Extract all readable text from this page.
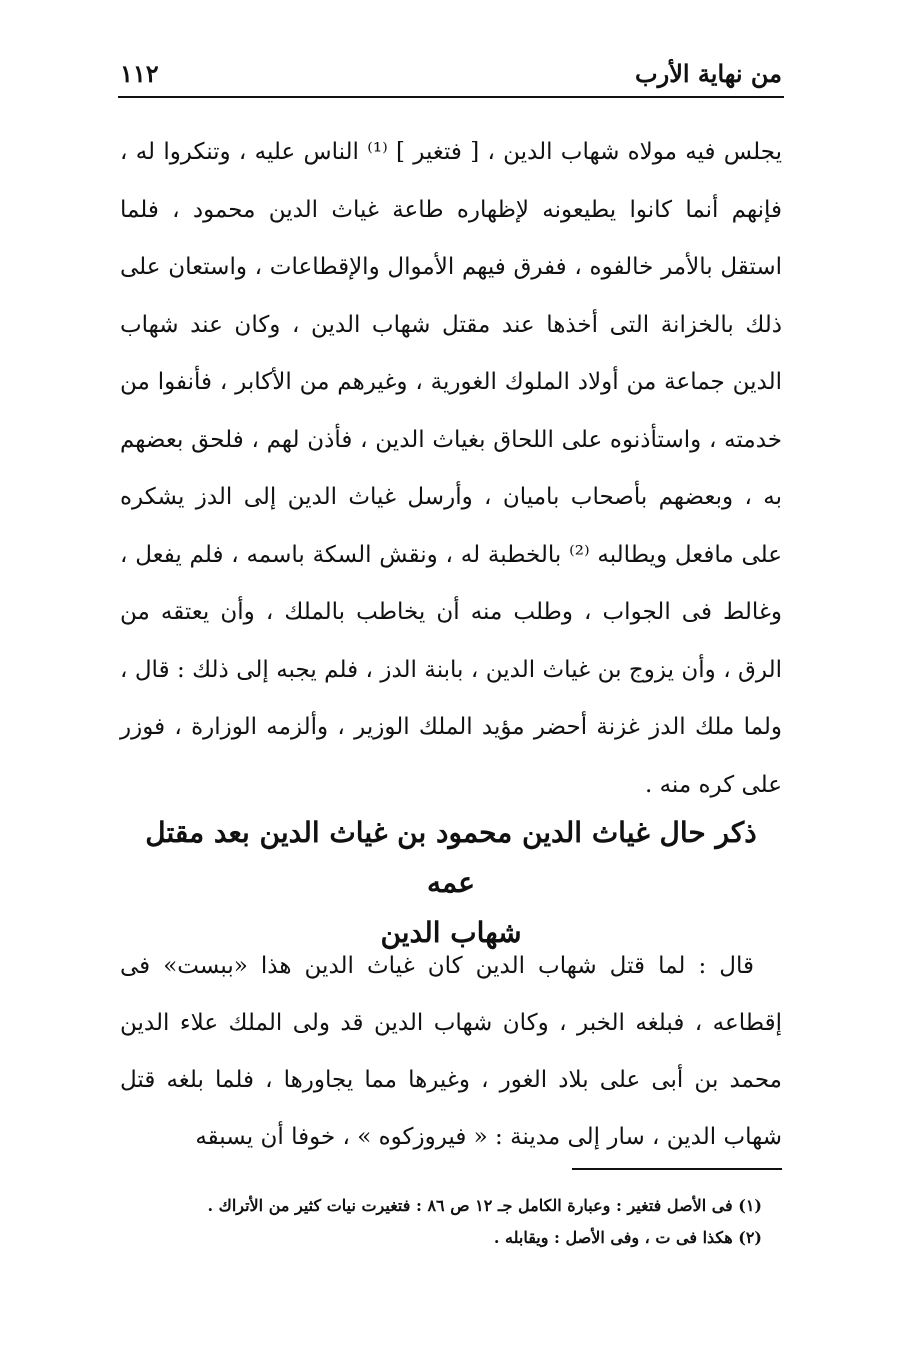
من نهاية الأرب
١١٢

يجلس فيه مولاه شهاب الدين ، [ فتغير ] ⁽¹⁾ الناس عليه ، وتنكروا له ، فإنهم أنما كانوا يطيعونه لإظهاره طاعة غياث الدين محمود ، فلما استقل بالأمر خالفوه ، ففرق فيهم الأموال والإقطاعات ، واستعان على ذلك بالخزانة التى أخذها عند مقتل شهاب الدين ، وكان عند شهاب الدين جماعة من أولاد الملوك الغورية ، وغيرهم من الأكابر ، فأنفوا من خدمته ، واستأذنوه على اللحاق بغياث الدين ، فأذن لهم ، فلحق بعضهم به ، وبعضهم بأصحاب باميان ، وأرسل غياث الدين إلى الدز يشكره على مافعل ويطالبه ⁽²⁾ بالخطبة له ، ونقش السكة باسمه ، فلم يفعل ، وغالط فى الجواب ، وطلب منه أن يخاطب بالملك ، وأن يعتقه من الرق ، وأن يزوج بن غياث الدين ، بابنة الدز ، فلم يجبه إلى ذلك : قال ، ولما ملك الدز غزنة أحضر مؤيد الملك الوزير ، وألزمه الوزارة ، فوزر على كره منه .

ذكر حال غياث الدين محمود بن غياث الدين بعد مقتل عمه
شهاب الدين

قال : لما قتل شهاب الدين كان غياث الدين هذا «ببست» فى إقطاعه ، فبلغه الخبر ، وكان شهاب الدين قد ولى الملك علاء الدين محمد بن أبى على بلاد الغور ، وغيرها مما يجاورها ، فلما بلغه قتل شهاب الدين ، سار إلى مدينة : « فيروزكوه » ، خوفا أن يسبقه

(١) فى الأصل فتغير : وعبارة الكامل جـ ١٢ ص ٨٦ : فتغيرت نيات كثير من الأتراك .
(٢) هكذا فى ت ، وفى الأصل : ويقابله .
